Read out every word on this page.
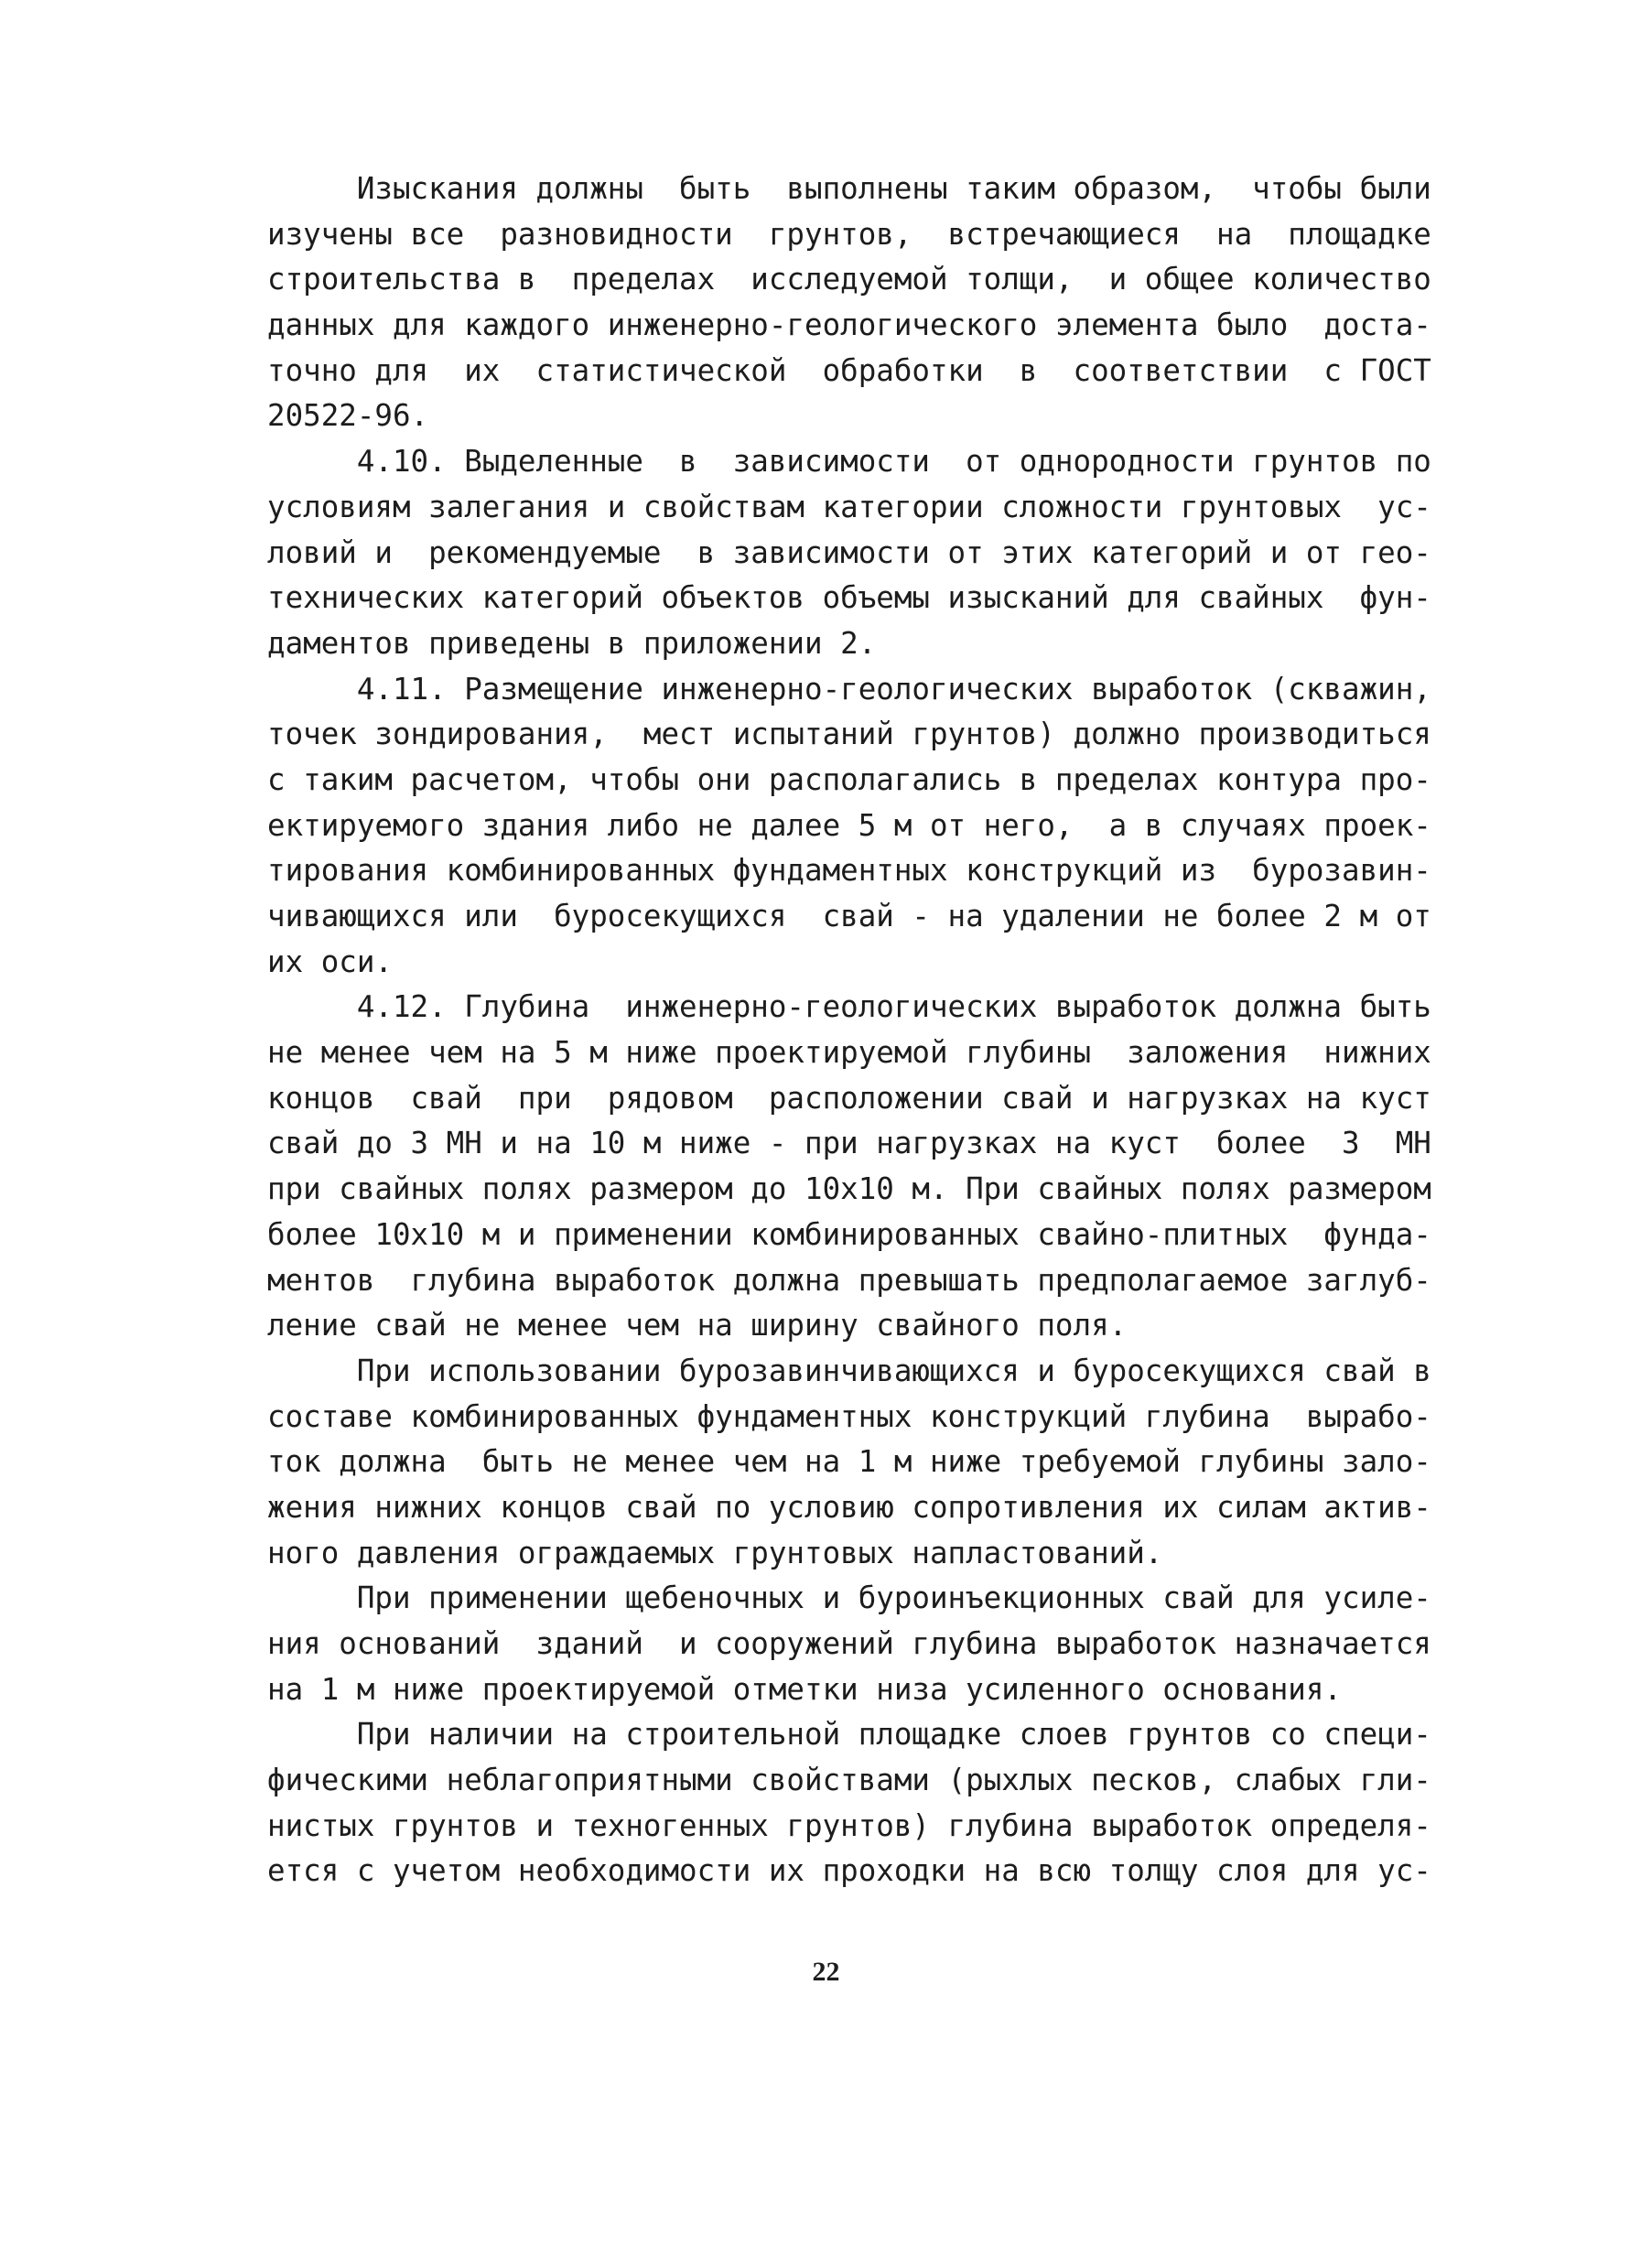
Изыскания должны  быть  выполнены таким образом,  чтобы были
изучены все  разновидности  грунтов,  встречающиеся  на  площадке
строительства в  пределах  исследуемой толщи,  и общее количество
данных для каждого инженерно-геологического элемента было  доста-
точно для  их  статистической  обработки  в  соответствии  с ГОСТ
20522-96.
4.10. Выделенные  в  зависимости  от однородности грунтов по
условиям залегания и свойствам категории сложности грунтовых  ус-
ловий и  рекомендуемые  в зависимости от этих категорий и от гео-
технических категорий объектов объемы изысканий для свайных  фун-
даментов приведены в приложении 2.
4.11. Размещение инженерно-геологических выработок (скважин,
точек зондирования,  мест испытаний грунтов) должно производиться
с таким расчетом, чтобы они располагались в пределах контура про-
ектируемого здания либо не далее 5 м от него,  а в случаях проек-
тирования комбинированных фундаментных конструкций из  бурозавин-
чивающихся или  буросекущихся  свай - на удалении не более 2 м от
их оси.
4.12. Глубина  инженерно-геологических выработок должна быть
не менее чем на 5 м ниже проектируемой глубины  заложения  нижних
концов  свай  при  рядовом  расположении свай и нагрузках на куст
свай до 3 МН и на 10 м ниже - при нагрузках на куст  более  3  МН
при свайных полях размером до 10х10 м. При свайных полях размером
более 10х10 м и применении комбинированных свайно-плитных  фунда-
ментов  глубина выработок должна превышать предполагаемое заглуб-
ление свай не менее чем на ширину свайного поля.
При использовании бурозавинчивающихся и буросекущихся свай в
составе комбинированных фундаментных конструкций глубина  вырабо-
ток должна  быть не менее чем на 1 м ниже требуемой глубины зало-
жения нижних концов свай по условию сопротивления их силам актив-
ного давления ограждаемых грунтовых напластований.
При применении щебеночных и буроинъекционных свай для усиле-
ния оснований  зданий  и сооружений глубина выработок назначается
на 1 м ниже проектируемой отметки низа усиленного основания.
При наличии на строительной площадке слоев грунтов со специ-
фическими неблагоприятными свойствами (рыхлых песков, слабых гли-
нистых грунтов и техногенных грунтов) глубина выработок определя-
ется с учетом необходимости их проходки на всю толщу слоя для ус-
22
